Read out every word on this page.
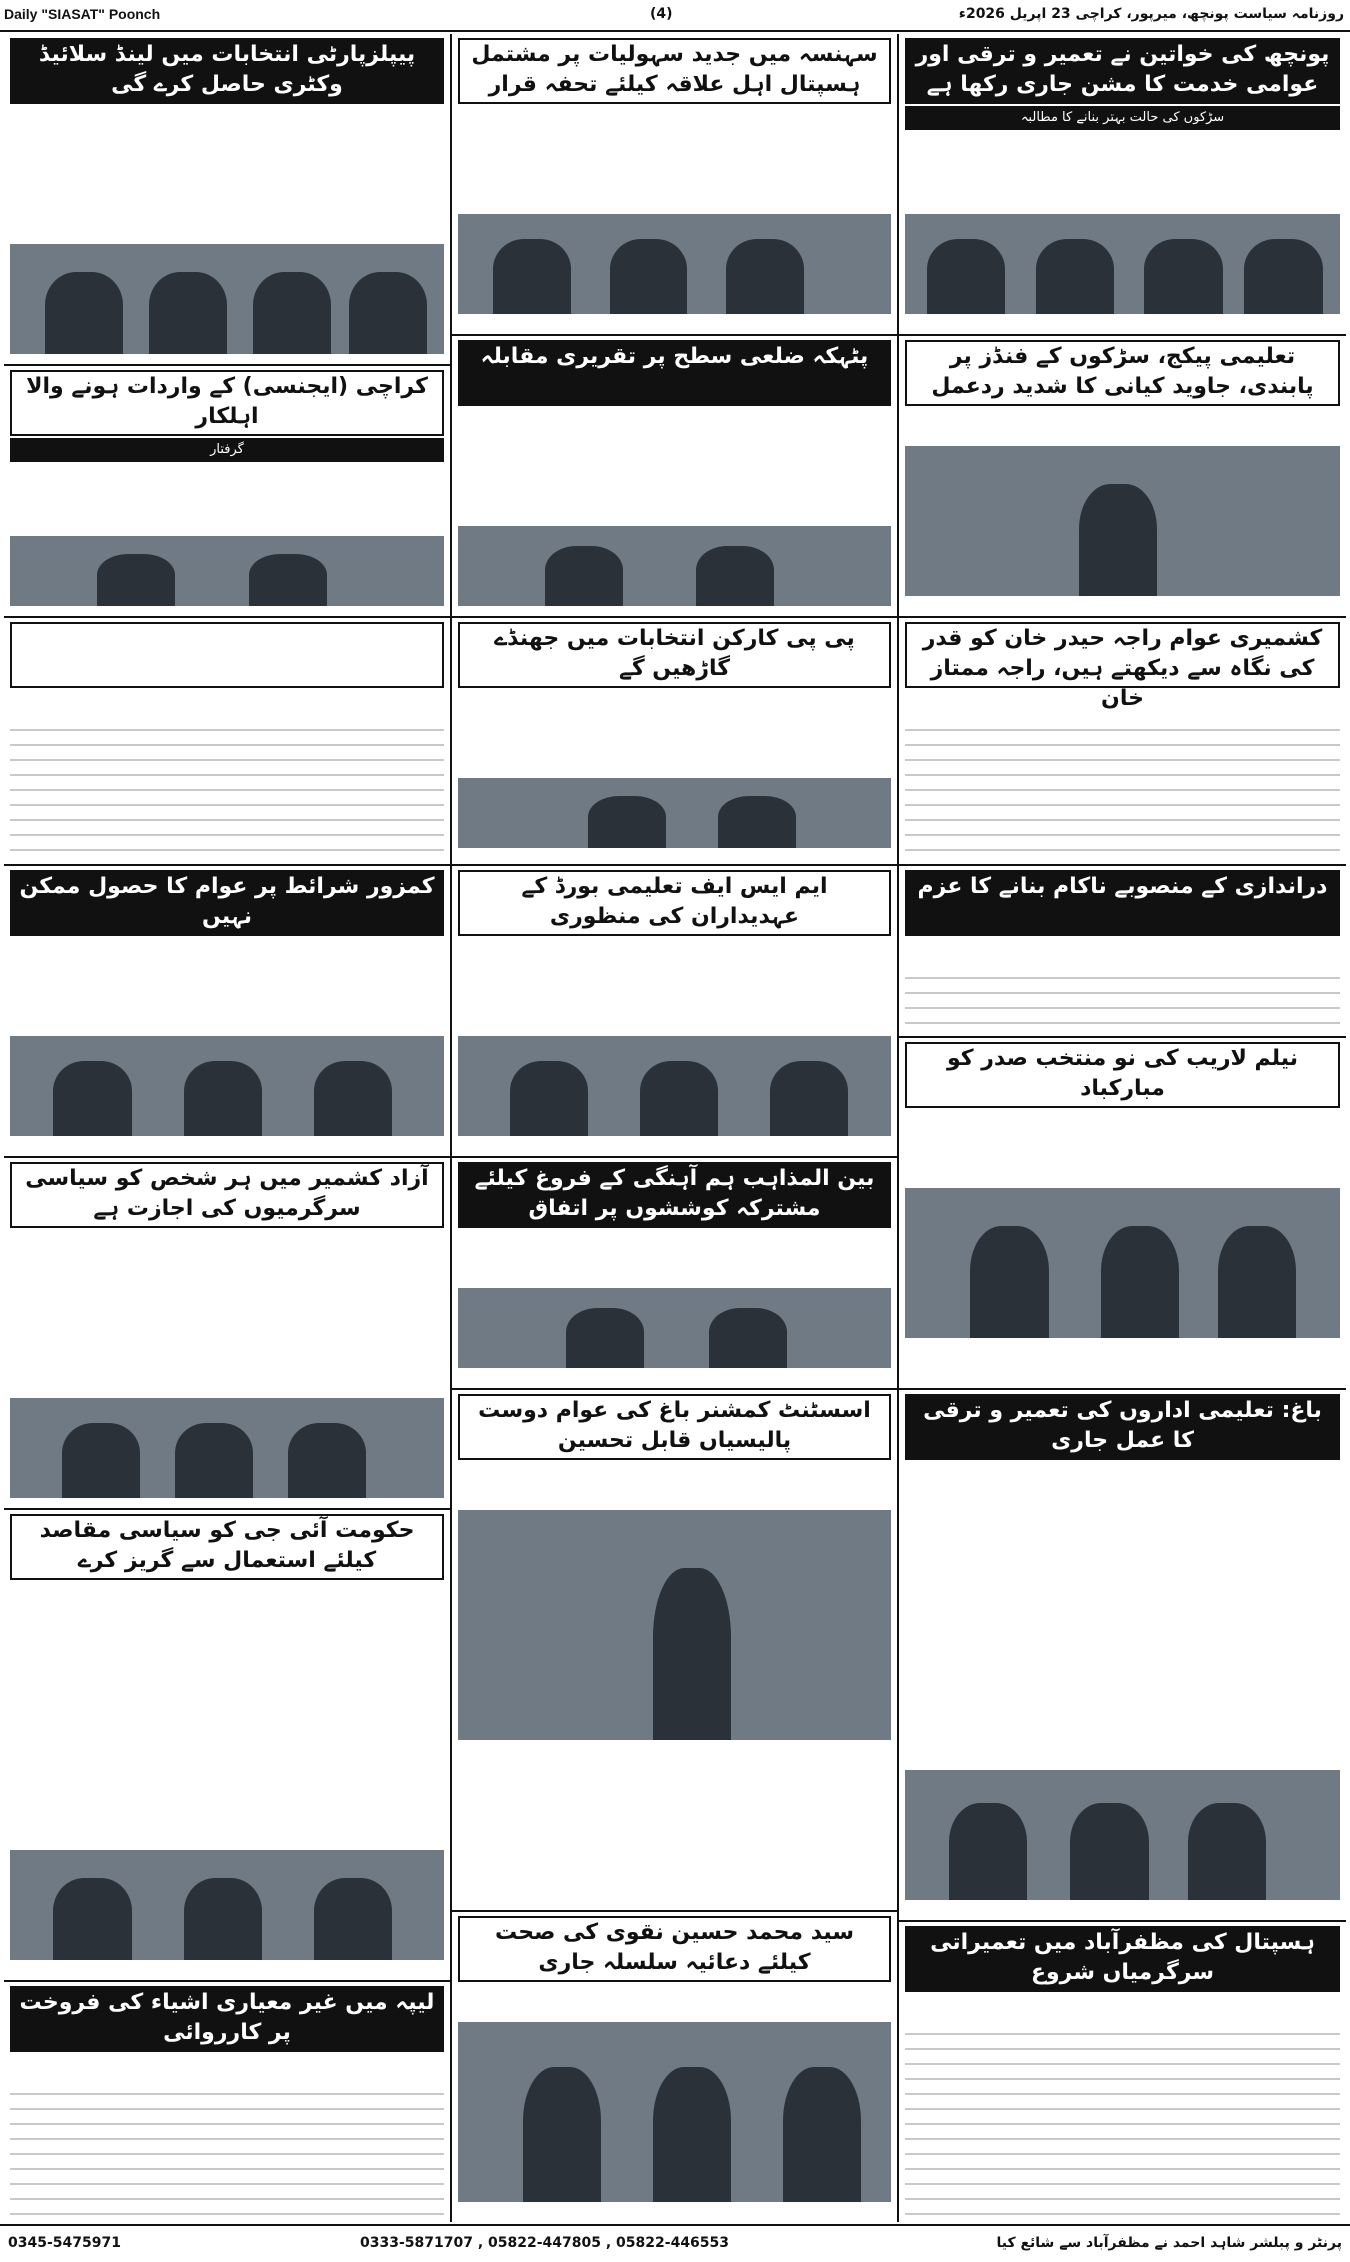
Daily "SIASAT" Poonch	(4)	روزنامہ سیاست پونچھ، میرپور، کراچی 23 اپریل 2026ء
پونچھ کی خواتین نے تعمیر و ترقی اور عوامی خدمت کا مشن جاری رکھا ہے
سڑکوں کی حالت بہتر بنانے کا مطالبہ
تعلیمی پیکج، سڑکوں کے فنڈز پر پابندی، جاوید کیانی کا شدید ردعمل
کشمیری عوام راجہ حیدر خان کو قدر کی نگاہ سے دیکھتے ہیں، راجہ ممتاز خان
دراندازی کے منصوبے ناکام بنانے کا عزم
نیلم لاریب کی نو منتخب صدر کو مبارکباد
باغ: تعلیمی اداروں کی تعمیر و ترقی کا عمل جاری
ہسپتال کی مظفرآباد میں تعمیراتی سرگرمیاں شروع
سہنسہ میں جدید سہولیات پر مشتمل ہسپتال اہل علاقہ کیلئے تحفہ قرار
پٹہکہ ضلعی سطح پر تقریری مقابلہ
پی پی کارکن انتخابات میں جھنڈے گاڑھیں گے
ایم ایس ایف تعلیمی بورڈ کے عہدیداران کی منظوری
بین المذاہب ہم آہنگی کے فروغ کیلئے مشترکہ کوششوں پر اتفاق
اسسٹنٹ کمشنر باغ کی عوام دوست پالیسیاں قابل تحسین
سید محمد حسین نقوی کی صحت کیلئے دعائیہ سلسلہ جاری
پیپلزپارٹی انتخابات میں لینڈ سلائیڈ وکٹری حاصل کرے گی
کراچی (ایجنسی) کے واردات ہونے والا اہلکار
گرفتار
کمزور شرائط پر عوام کا حصول ممکن نہیں
آزاد کشمیر میں ہر شخص کو سیاسی سرگرمیوں کی اجازت ہے
حکومت آئی جی کو سیاسی مقاصد کیلئے استعمال سے گریز کرے
لیپہ میں غیر معیاری اشیاء کی فروخت پر کارروائی
0345-5475971	0333-5871707 , 05822-447805 , 05822-446553	پرنٹر و پبلشر شاہد احمد نے مظفرآباد سے شائع کیا
